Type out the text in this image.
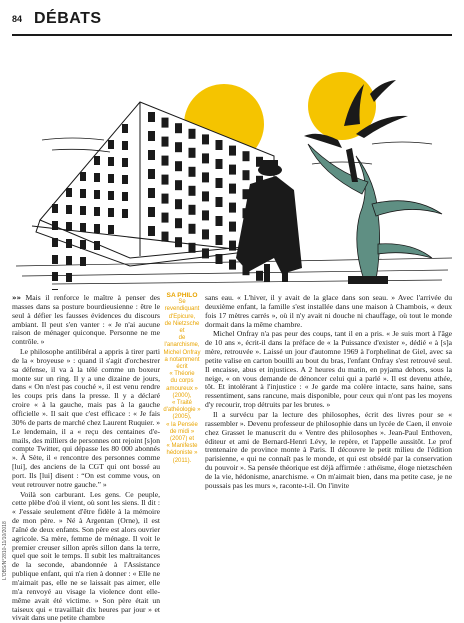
84 DÉBATS
SA PHILO
Se
revendiquant
d'Epicure,
de Nietzsche
et
de l'anarchisme,
Michel Onfray
a notamment
écrit
« Théorie
du corps
amoureux »
(2000),
« Traité
d'athéologie »
(2005),
« la Pensée
de midi »
(2007) et
« Manifeste
hédoniste »
(2011).

»» Mais il renforce le maître à penser des masses dans sa posture bourdieusienne : être le seul à défier les fausses évidences du discours ambiant. Il peut s'en vanter : « Je n'ai aucune raison de ménager quiconque. Personne ne me contrôle. »

Le philosophe antilibéral a appris à tirer parti de la « broyeuse » : quand il s'agit d'orchestrer sa défense, il va à la télé comme un boxeur monte sur un ring. Il y a une dizaine de jours, dans « On n'est pas couché », il est venu rendre les coups pris dans la presse. Il y a déclaré croire « à la gauche, mais pas à la gauche officielle ». Il sait que c'est efficace : « Je fais 30% de parts de marché chez Laurent Ruquier. » Le lendemain, il a « reçu des centaines d'e-mails, des milliers de personnes ont rejoint [s]on compte Twitter, qui dépasse les 80 000 abonnés ». À Sète, il « rencontre des personnes comme [lui], des anciens de la CGT qui ont bossé au port. Ils [lui] disent : “On est comme vous, on veut retrouver notre gauche.” »

Voilà son carburant. Les gens. Ce peuple, cette plèbe d'où il vient, où sont les siens. Il dit : « J'essaie seulement d'être fidèle à la mémoire de mon père. » Né à Argentan (Orne), il est l'aîné de deux enfants. Son père est alors ouvrier agricole. Sa mère, femme de ménage. Il voit le premier creuser sillon après sillon dans la terre, quel que soit le temps. Il subit les maltraitances de la seconde, abandonnée à l'Assistance publique enfant, qui n'a rien à donner : « Elle ne m'aimait pas, elle ne se laissait pas aimer, elle m'a renvoyé au visage la violence dont elle-même avait été victime. » Son père était un taiseux qui « travaillait dix heures par jour » et vivait dans une petite chambre

sans eau. « L'hiver, il y avait de la glace dans son seau. » Avec l'arrivée du deuxième enfant, la famille s'est installée dans une maison à Chambois, « deux fois 17 mètres carrés », où il n'y avait ni douche ni chauffage, où tout le monde dormait dans la même chambre.

Michel Onfray n'a pas peur des coups, tant il en a pris. « Je suis mort à l'âge de 10 ans », écrit-il dans la préface de « la Puissance d'exister », dédié « à [s]a mère, retrouvée ». Laissé un jour d'automne 1969 à l'orphelinat de Giel, avec sa petite valise en carton bouilli au bout du bras, l'enfant Onfray s'est retrouvé seul. Il encaisse, abus et injustices. A 2 heures du matin, en pyjama dehors, sous la neige, « on vous demande de dénoncer celui qui a parlé ». Il est devenu athée, tôt. Et intolérant à l'injustice : « Je garde ma colère intacte, sans haine, sans ressentiment, sans rancune, mais disponible, pour ceux qui n'ont pas les moyens d'y recourir, trop détruits par les brutes. »

Il a survécu par la lecture des philosophes, écrit des livres pour se « rassembler ». Devenu professeur de philosophie dans un lycée de Caen, il envoie chez Grasset le manuscrit du « Ventre des philosophes ». Jean-Paul Enthoven, éditeur et ami de Bernard-Henri Lévy, le repère, et l'appelle aussitôt. Le prof trentenaire de province monte à Paris. Il découvre le petit milieu de l'édition parisienne, « qui ne connaît pas le monde, et qui est obsédé par la conservation du pouvoir ». Sa pensée théorique est déjà affirmée : athéisme, éloge nietzschéen de la vie, hédonisme, anarchisme. « On m'aimait bien, dans ma petite case, je ne poussais pas les murs », raconte-t-il. On l'invite

L'OBS/N°2810-11/10/2018
